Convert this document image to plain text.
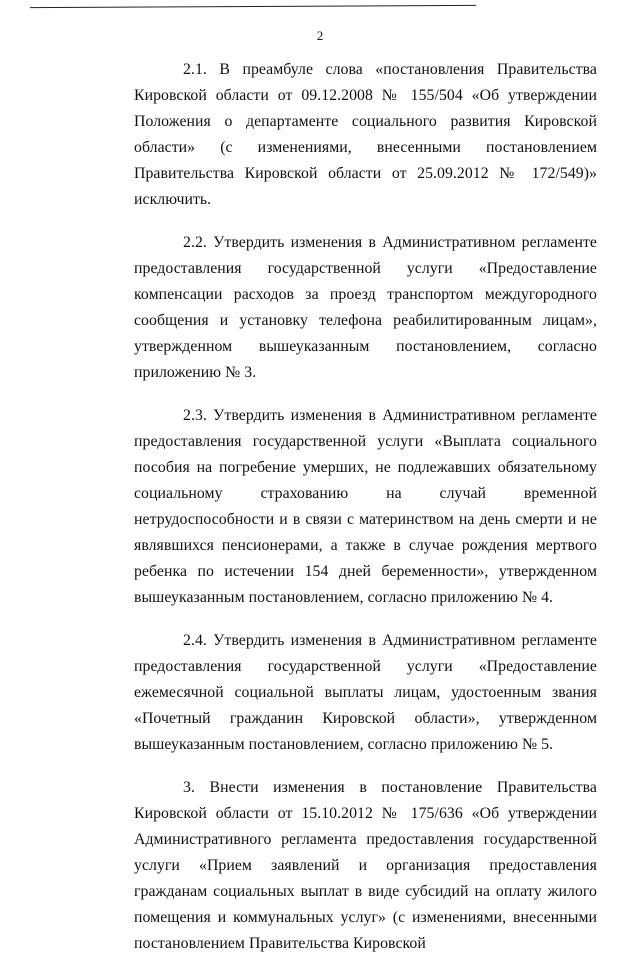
2

2.1. В преамбуле слова «постановления Правительства Кировской области от 09.12.2008 № 155/504 «Об утверждении Положения о департаменте социального развития Кировской области» (с изменениями, внесенными постановлением Правительства Кировской области от 25.09.2012 № 172/549)» исключить.

2.2. Утвердить изменения в Административном регламенте предоставления государственной услуги «Предоставление компенсации расходов за проезд транспортом междугородного сообщения и установку телефона реабилитированным лицам», утвержденном вышеуказанным постановлением, согласно приложению № 3.

2.3. Утвердить изменения в Административном регламенте предоставления государственной услуги «Выплата социального пособия на погребение умерших, не подлежавших обязательному социальному страхованию на случай временной нетрудоспособности и в связи с материнством на день смерти и не являвшихся пенсионерами, а также в случае рождения мертвого ребенка по истечении 154 дней беременности», утвержденном вышеуказанным постановлением, согласно приложению № 4.

2.4. Утвердить изменения в Административном регламенте предоставления государственной услуги «Предоставление ежемесячной социальной выплаты лицам, удостоенным звания «Почетный гражданин Кировской области», утвержденном вышеуказанным постановлением, согласно приложению № 5.

3. Внести изменения в постановление Правительства Кировской области от 15.10.2012 № 175/636 «Об утверждении Административного регламента предоставления государственной услуги «Прием заявлений и организация предоставления гражданам социальных выплат в виде субсидий на оплату жилого помещения и коммунальных услуг» (с изменениями, внесенными постановлением Правительства Кировской
